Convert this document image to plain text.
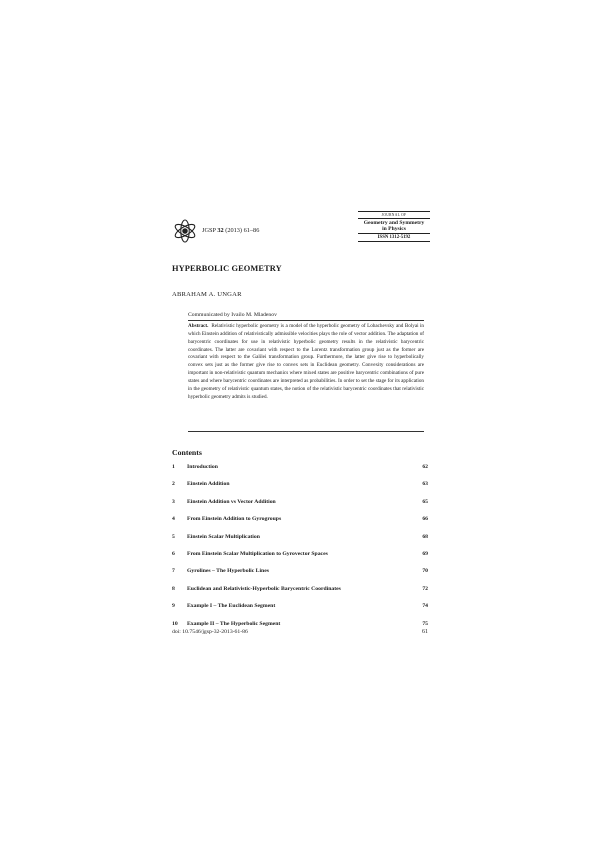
JGSP 32 (2013) 61–86
JOURNAL OF
Geometry and Symmetry
in Physics
ISSN 1312-5192
HYPERBOLIC GEOMETRY
ABRAHAM A. UNGAR
Communicated by Ivailo M. Mladenov

Abstract. Relativistic hyperbolic geometry is a model of the hyperbolic geometry of Lobachevsky and Bolyai in which Einstein addition of relativistically admissible velocities plays the role of vector addition. The adaptation of barycentric coordinates for use in relativistic hyperbolic geometry results in the relativistic barycentric coordinates. The latter are covariant with respect to the Lorentz transformation group just as the former are covariant with respect to the Galilei transformation group. Furthermore, the latter give rise to hyperbolically convex sets just as the former give rise to convex sets in Euclidean geometry. Convexity considerations are important in non-relativistic quantum mechanics where mixed states are positive barycentric combinations of pure states and where barycentric coordinates are interpreted as probabilities. In order to set the stage for its application in the geometry of relativistic quantum states, the notion of the relativistic barycentric coordinates that relativistic hyperbolic geometry admits is studied.

Contents
1 Introduction	62
2 Einstein Addition	63
3 Einstein Addition vs Vector Addition	65
4 From Einstein Addition to Gyrogroups	66
5 Einstein Scalar Multiplication	68
6 From Einstein Scalar Multiplication to Gyrovector Spaces	69
7 Gyrolines – The Hyperbolic Lines	70
8 Euclidean and Relativistic-Hyperbolic Barycentric Coordinates	72
9 Example I – The Euclidean Segment	74
10 Example II – The Hyperbolic Segment	75
doi: 10.7546/jgsp-32-2013-61-86	61
